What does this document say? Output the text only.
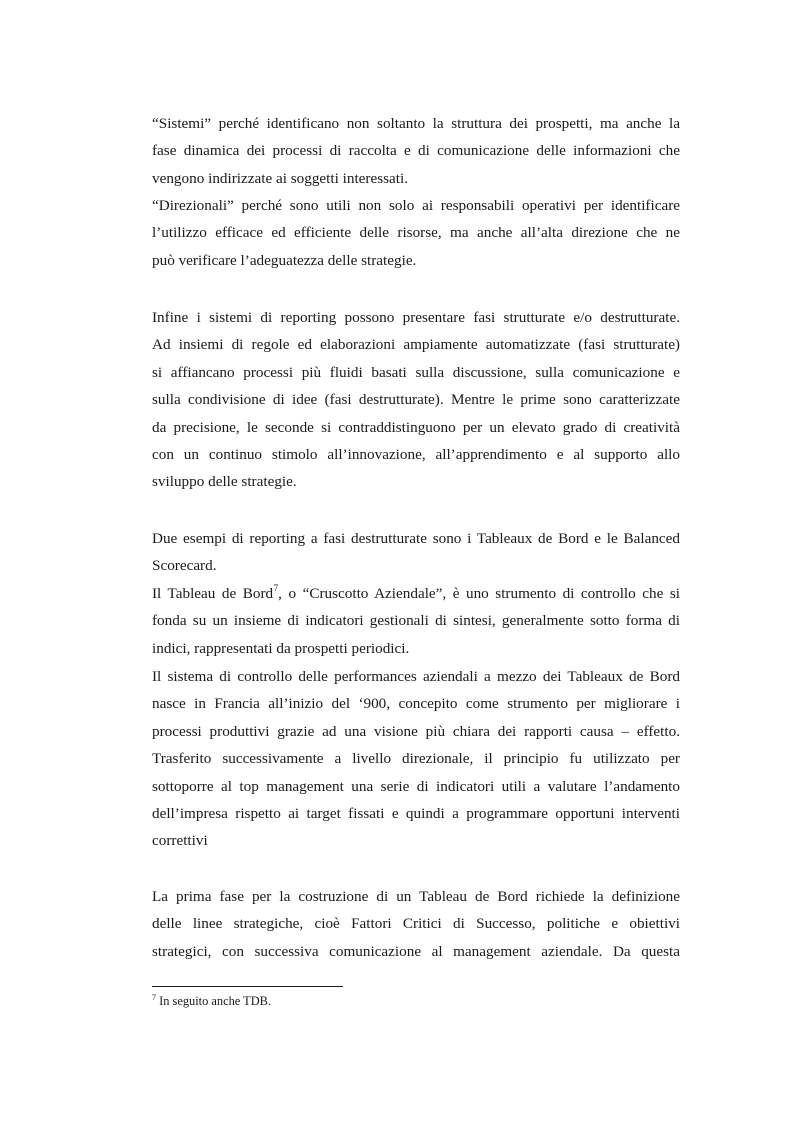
“Sistemi” perché identificano non soltanto la struttura dei prospetti, ma anche la
fase dinamica dei processi di raccolta e di comunicazione delle informazioni che
vengono indirizzate ai soggetti interessati.
“Direzionali” perché sono utili non solo ai responsabili operativi per identificare
l’utilizzo efficace ed efficiente delle risorse, ma anche all’alta direzione che ne
può verificare l’adeguatezza delle strategie.
Infine i sistemi di reporting possono presentare fasi strutturate e/o destrutturate.
Ad insiemi di regole ed elaborazioni ampiamente automatizzate (fasi strutturate)
si affiancano processi più fluidi basati sulla discussione, sulla comunicazione e
sulla condivisione di idee (fasi destrutturate). Mentre le prime sono caratterizzate
da precisione, le seconde si contraddistinguono per un elevato grado di creatività
con un continuo stimolo all’innovazione, all’apprendimento e al supporto allo
sviluppo delle strategie.
Due esempi di reporting a fasi destrutturate sono i Tableaux de Bord e le Balanced
Scorecard.
Il Tableau de Bord$^7$, o “Cruscotto Aziendale”, è uno strumento di controllo che si
fonda su un insieme di indicatori gestionali di sintesi, generalmente sotto forma di
indici, rappresentati da prospetti periodici.
Il sistema di controllo delle performances aziendali a mezzo dei Tableaux de Bord
nasce in Francia all’inizio del ‘900, concepito come strumento per migliorare i
processi produttivi grazie ad una visione più chiara dei rapporti causa – effetto.
Trasferito successivamente a livello direzionale, il principio fu utilizzato per
sottoporre al top management una serie di indicatori utili a valutare l’andamento
dell’impresa rispetto ai target fissati e quindi a programmare opportuni interventi
correttivi
La prima fase per la costruzione di un Tableau de Bord richiede la definizione
delle linee strategiche, cioè Fattori Critici di Successo, politiche e obiettivi
strategici, con successiva comunicazione al management aziendale. Da questa
$^7$ In seguito anche TDB.
